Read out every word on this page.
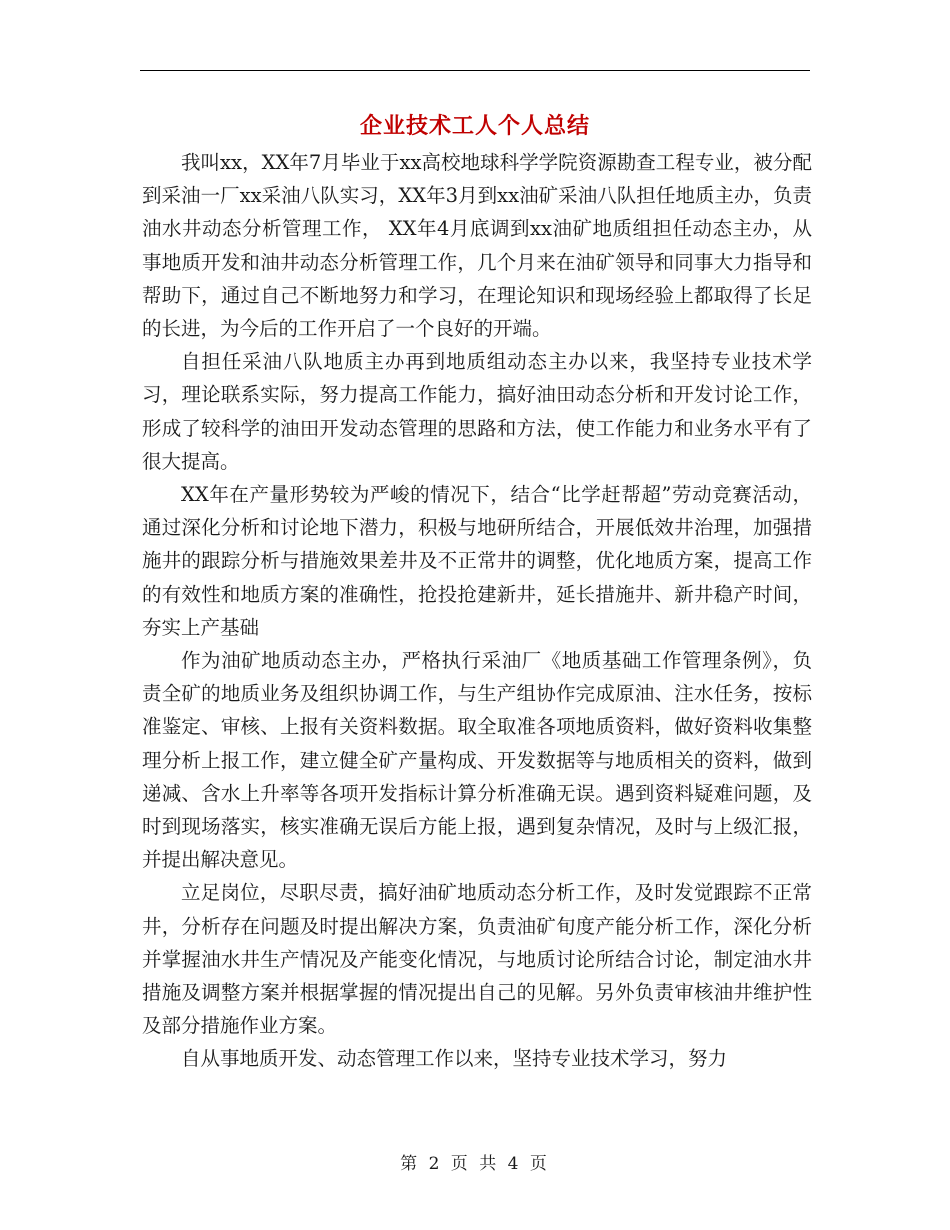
企业技术工人个人总结

我叫xx，XX年7月毕业于xx高校地球科学学院资源勘查工程专业，被分配到采油一厂xx采油八队实习，XX年3月到xx油矿采油八队担任地质主办，负责油水井动态分析管理工作， XX年4月底调到xx油矿地质组担任动态主办，从事地质开发和油井动态分析管理工作，几个月来在油矿领导和同事大力指导和帮助下，通过自己不断地努力和学习，在理论知识和现场经验上都取得了长足的长进，为今后的工作开启了一个良好的开端。

自担任采油八队地质主办再到地质组动态主办以来，我坚持专业技术学习，理论联系实际，努力提高工作能力，搞好油田动态分析和开发讨论工作，形成了较科学的油田开发动态管理的思路和方法，使工作能力和业务水平有了很大提高。

XX年在产量形势较为严峻的情况下，结合“比学赶帮超”劳动竞赛活动，通过深化分析和讨论地下潜力，积极与地研所结合，开展低效井治理，加强措施井的跟踪分析与措施效果差井及不正常井的调整，优化地质方案，提高工作的有效性和地质方案的准确性，抢投抢建新井，延长措施井、新井稳产时间，夯实上产基础

作为油矿地质动态主办，严格执行采油厂《地质基础工作管理条例》，负责全矿的地质业务及组织协调工作，与生产组协作完成原油、注水任务，按标准鉴定、审核、上报有关资料数据。取全取准各项地质资料，做好资料收集整理分析上报工作，建立健全矿产量构成、开发数据等与地质相关的资料，做到递减、含水上升率等各项开发指标计算分析准确无误。遇到资料疑难问题，及时到现场落实，核实准确无误后方能上报，遇到复杂情况，及时与上级汇报，并提出解决意见。

立足岗位，尽职尽责，搞好油矿地质动态分析工作，及时发觉跟踪不正常井，分析存在问题及时提出解决方案，负责油矿旬度产能分析工作，深化分析并掌握油水井生产情况及产能变化情况，与地质讨论所结合讨论，制定油水井措施及调整方案并根据掌握的情况提出自己的见解。另外负责审核油井维护性及部分措施作业方案。

自从事地质开发、动态管理工作以来，坚持专业技术学习，努力

第 2 页 共 4 页
